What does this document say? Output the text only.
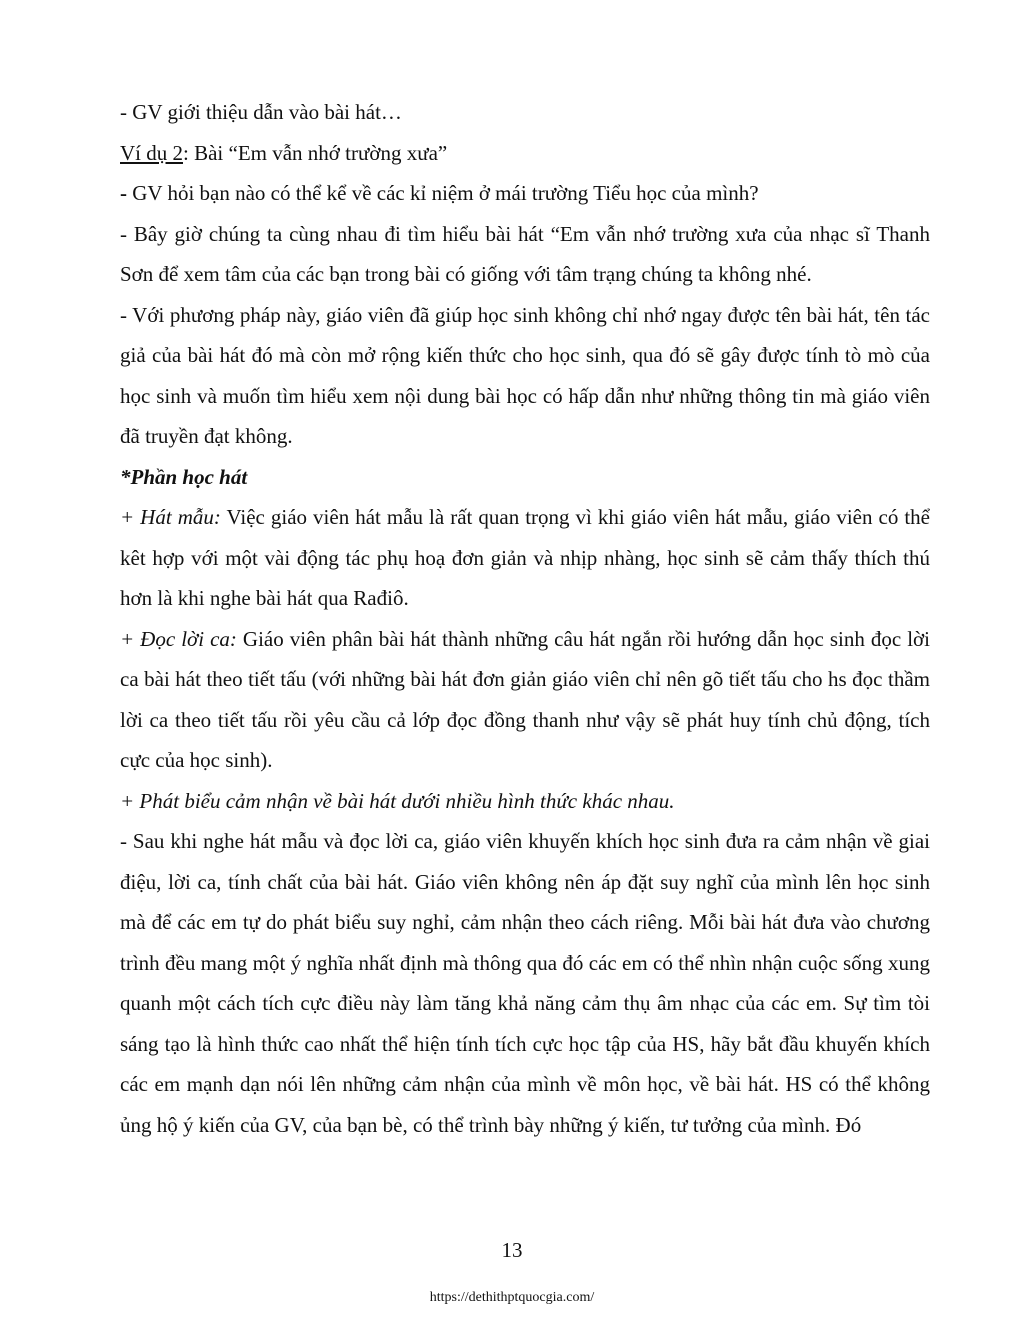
- GV giới thiệu dẫn vào bài hát…

Ví dụ 2: Bài “Em vẫn nhớ trường xưa”

- GV hỏi bạn nào có thể kể về các kỉ niệm ở mái trường Tiểu học của mình?

- Bây giờ chúng ta cùng nhau đi tìm hiểu bài hát “Em vẫn nhớ trường xưa của nhạc sĩ Thanh Sơn để xem tâm của các bạn trong bài có giống với tâm trạng chúng ta không nhé.

- Với phương pháp này, giáo viên đã giúp học sinh không chỉ nhớ ngay được tên bài hát, tên tác giả của bài hát đó mà còn mở rộng kiến thức cho học sinh, qua đó sẽ gây được tính tò mò của học sinh và muốn tìm hiểu xem nội dung bài học có hấp dẫn như những thông tin mà giáo viên đã truyền đạt không.

*Phần học hát

+ Hát mẫu: Việc giáo viên hát mẫu là rất quan trọng vì khi giáo viên hát mẫu, giáo viên có thể kêt hợp với một vài động tác phụ hoạ đơn giản và nhịp nhàng, học sinh sẽ cảm thấy thích thú hơn là khi nghe bài hát qua Rađiô.

+ Đọc lời ca: Giáo viên phân bài hát thành những câu hát ngắn rồi hướng dẫn học sinh đọc lời ca bài hát theo tiết tấu (với những bài hát đơn giản giáo viên chỉ nên gõ tiết tấu cho hs đọc thầm lời ca theo tiết tấu rồi yêu cầu cả lớp đọc đồng thanh như vậy sẽ phát huy tính chủ động, tích cực của học sinh).

+ Phát biểu cảm nhận về bài hát dưới nhiều hình thức khác nhau.

- Sau khi nghe hát mẫu và đọc lời ca, giáo viên khuyến khích học sinh đưa ra cảm nhận về giai điệu, lời ca, tính chất của bài hát. Giáo viên không nên áp đặt suy nghĩ của mình lên học sinh mà để các em tự do phát biểu suy nghỉ, cảm nhận theo cách riêng. Mỗi bài hát đưa vào chương trình đều mang một ý nghĩa nhất định mà thông qua đó các em có thể nhìn nhận cuộc sống xung quanh một cách tích cực điều này làm tăng khả năng cảm thụ âm nhạc của các em. Sự tìm tòi sáng tạo là hình thức cao nhất thể hiện tính tích cực học tập của HS, hãy bắt đầu khuyến khích các em mạnh dạn nói lên những cảm nhận của mình về môn học, về bài hát. HS có thể không ủng hộ ý kiến của GV, của bạn bè, có thể trình bày những ý kiến, tư tưởng của mình. Đó

13
https://dethithptquocgia.com/
